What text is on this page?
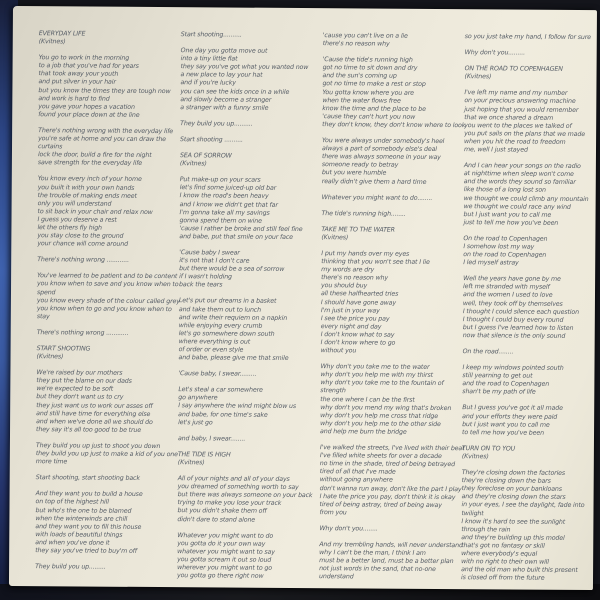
EVERYDAY LIFE
(Kvitnes)
You go to work in the morning
to a job that you've had for years
that took away your youth
and put silver in your hair
but you know the times they are tough now
and work is hard to find
you gave your hopes a vacation
found your place down at the line
There's nothing wrong with the everyday life
you're safe at home and you can draw the
curtains
lock the door, build a fire for the night
save strength for the everyday life
You know every inch of your home
you built it with your own hands
the trouble of making ends meet
only you will understand
to sit back in your chair and relax now
I guess you deserve a rest
let the others fly high
you stay close to the ground
your chance will come around
There's nothing wrong ............
You've learned to be patient and to be content
you know when to save and you know when to
spend
you know every shade of the colour called grey
you know when to go and you know when to
stay
There's nothing wrong ............
START SHOOTING
(Kvitnes)
We're raised by our mothers
they put the blame on our dads
we're expected to be soft
but they don't want us to cry
they just want us to work our asses off
and still have time for everything else
and when we've done all we should do
they say it's all too good to be true
They build you up just to shoot you down
they build you up just to make a kid of you one
more time
Start shooting, start shooting back
And they want you to build a house
on top of the highest hill
but who's the one to be blamed
when the winterwinds are chill
and they want you to fill this house
with loads of beautiful things
and when you've done it
they say you've tried to buy'm off
They build you up.........
Start shooting..........
One day you gotta move out
into a tiny little flat
they say you've got what you wanted now
a new place to lay your hat
and if you're lucky
you can see the kids once in a while
and slowly become a stranger
a stranger with a funny smile
They build you up..........
Start shooting ..........
SEA OF SORROW
(Kvitnes)
Put make-up on your scars
let's find some juiced-up old bar
I know the road's been heavy
and I know we didn't get that far
I'm gonna take all my savings
gonna spend them on wine
'cause I rather be broke and still feel fine
and babe, put that smile on your face
'Cause baby I swear
it's not that I don't care
but there would be a sea of sorrow
if I wasn't holding
back the tears
Let's put our dreams in a basket
and take them out to lunch
and write their requiem on a napkin
while enjoying every crumb
let's go somewhere down south
where everything is out
of order or even style
and babe, please give me that smile
'Cause baby, I swear.........
Let's steal a car somewhere
go anywhere
I say anywhere the wind might blow us
and babe, for one time's sake
let's just go
and baby, I swear........
THE TIDE IS HIGH
(Kvitnes)
All of your nights and all of your days
you dreamed of something worth to say
but there was always someone on your back
trying to make you lose your track
but you didn't shake them off
didn't dare to stand alone
Whatever you might want to do
you gotta do it your own way
whatever you might want to say
you gotta scream it out so loud
wherever you might want to go
you gotta go there right now
'cause you can't live on a lie
there's no reason why
'Cause the tide's running high
got no time to sit down and dry
and the sun's coming up
got no time to make a rest or stop
You gotta know where you are
when the water flows free
know the time and the place to be
'cause they can't hurt you now
they don't know, they don't know where to look
You were always under somebody's heel
always a part of somebody else's deal
there was always someone in your way
someone ready to betray
but you were humble
really didn't give them a hard time
Whatever you might want to do........
The tide's running high........
TAKE ME TO THE WATER
(Kvitnes)
I put my hands over my eyes
thinking that you won't see that I lie
my words are dry
there's no reason why
you should buy
all these halfhearted tries
I should have gone away
I'm just in your way
I see the price you pay
every night and day
I don't know what to say
I don't know where to go
without you
Why don't you take me to the water
why don't you help me with my thirst
why don't you take me to the fountain of
strength
the one where I can be the first
why don't you mend my wing that's broken
why don't you help me cross that ridge
why don't you help me to the other side
and help me burn the bridge
I've walked the streets, I've lived with their beat
I've filled white sheets for over a decade
no time in the shade, tired of being betrayed
tired of all that I've made
without going anywhere
don't wanna run away, don't like the part I play
I hate the price you pay, don't think it is okay
tired of being astray, tired of being away
from you
Why don't you........
And my trembling hands, will never understand
why I can't be the man, I think I am
must be a better land, must be a better plan
not just words in the sand, that no-one
understand
so you just take my hand, I follow for sure
Why don't you.........
ON THE ROAD TO COPENHAGEN
(Kvitnes)
I've left my name and my number
on your precious answering machine
just hoping that you would remember
that we once shared a dream
you went to the places we talked of
you put sails on the plans that we made
when you hit the road to freedom
me, well I just stayed
And I can hear your songs on the radio
at nighttime when sleep won't come
and the words they sound so familiar
like those of a long lost son
we thought we could climb any mountain
we thought we could race any wind
but I just want you to call me
just to tell me how you've been
On the road to Copenhagen
I somehow lost my way
on the road to Copenhagen
I led myself astray
Well the years have gone by me
left me stranded with myself
and the women I used to love
well, they took off by themselves
I thought I could silence each question
I thought I could buy every round
but I guess I've learned how to listen
now that silence is the only sound
On the road........
I keep my windows pointed south
still yearning to get out
and the road to Copenhagen
shan't be my path of life
But I guess you've got it all made
and your efforts they were paid
but I just want you to call me
to tell me how you've been
TURN ON TO YOU
(Kvitnes)
They're closing down the factories
they're closing down the bars
they foreclose on your bankloans
and they're closing down the stars
in your eyes, I see the daylight, fade into
twilight
I know it's hard to see the sunlight
through the rain
and they're building up this model
that's got no fantasy or skill
where everybody's equal
with no right to their own will
and the old man who built this present
is closed off from the future
